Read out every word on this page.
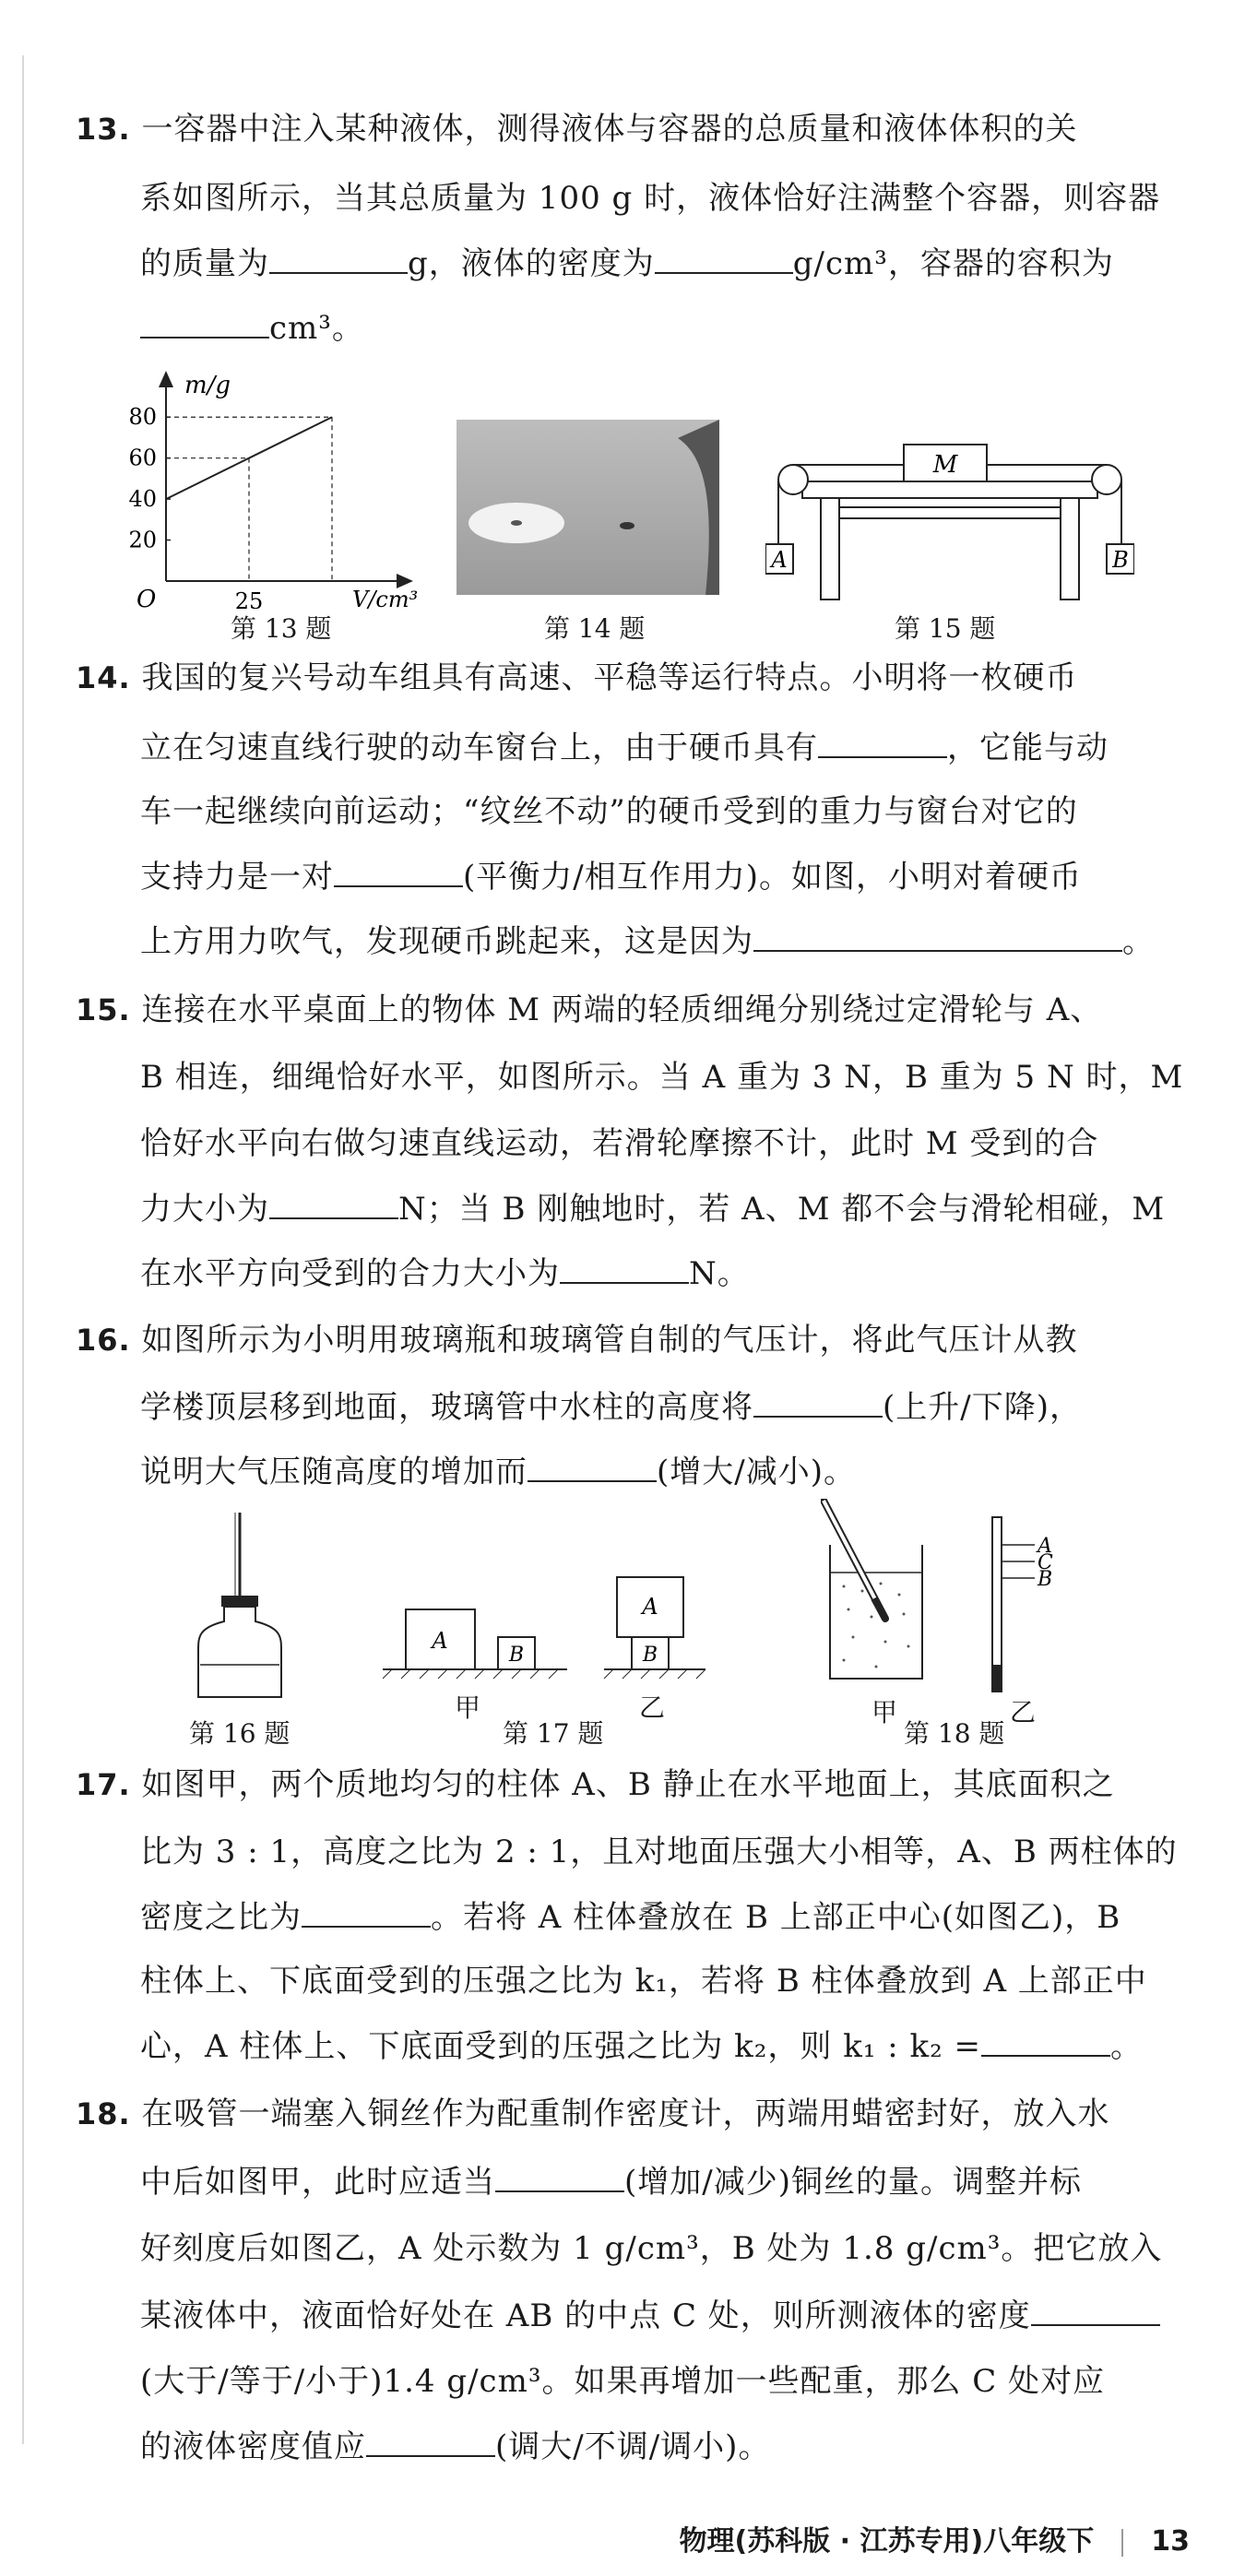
13. 一容器中注入某种液体，测得液体与容器的总质量和液体体积的关
系如图所示，当其总质量为 100 g 时，液体恰好注满整个容器，则容器
的质量为	g，液体的密度为	g/cm³，容器的容积为
cm³。
m/g
V/cm³
O
20
40
60
80
25
第 13 题	第 14 题
M
A	B
第 15 题
14. 我国的复兴号动车组具有高速、平稳等运行特点。小明将一枚硬币
立在匀速直线行驶的动车窗台上，由于硬币具有	，它能与动
车一起继续向前运动；“纹丝不动”的硬币受到的重力与窗台对它的
支持力是一对	(平衡力/相互作用力)。如图，小明对着硬币
上方用力吹气，发现硬币跳起来，这是因为	。
15. 连接在水平桌面上的物体 M 两端的轻质细绳分别绕过定滑轮与 A、
B 相连，细绳恰好水平，如图所示。当 A 重为 3 N，B 重为 5 N 时，M
恰好水平向右做匀速直线运动，若滑轮摩擦不计，此时 M 受到的合
力大小为	N；当 B 刚触地时，若 A、M 都不会与滑轮相碰，M
在水平方向受到的合力大小为	N。
16. 如图所示为小明用玻璃瓶和玻璃管自制的气压计，将此气压计从教
学楼顶层移到地面，玻璃管中水柱的高度将	(上升/下降)，
说明大气压随高度的增加而	(增大/减小)。
第 16 题
A
B	B
A
甲	乙
第 17 题
A
C
B
甲	乙
第 18 题
17. 如图甲，两个质地均匀的柱体 A、B 静止在水平地面上，其底面积之
比为 3 : 1，高度之比为 2 : 1，且对地面压强大小相等，A、B 两柱体的
密度之比为	。若将 A 柱体叠放在 B 上部正中心(如图乙)，B
柱体上、下底面受到的压强之比为 k₁，若将 B 柱体叠放到 A 上部正中
心，A 柱体上、下底面受到的压强之比为 k₂，则 k₁ : k₂ =	。
18. 在吸管一端塞入铜丝作为配重制作密度计，两端用蜡密封好，放入水
中后如图甲，此时应适当	(增加/减少)铜丝的量。调整并标
好刻度后如图乙，A 处示数为 1 g/cm³，B 处为 1.8 g/cm³。把它放入
某液体中，液面恰好处在 AB 的中点 C 处，则所测液体的密度
(大于/等于/小于)1.4 g/cm³。如果再增加一些配重，那么 C 处对应
的液体密度值应	(调大/不调/调小)。
物理(苏科版 · 江苏专用)八年级下 13
